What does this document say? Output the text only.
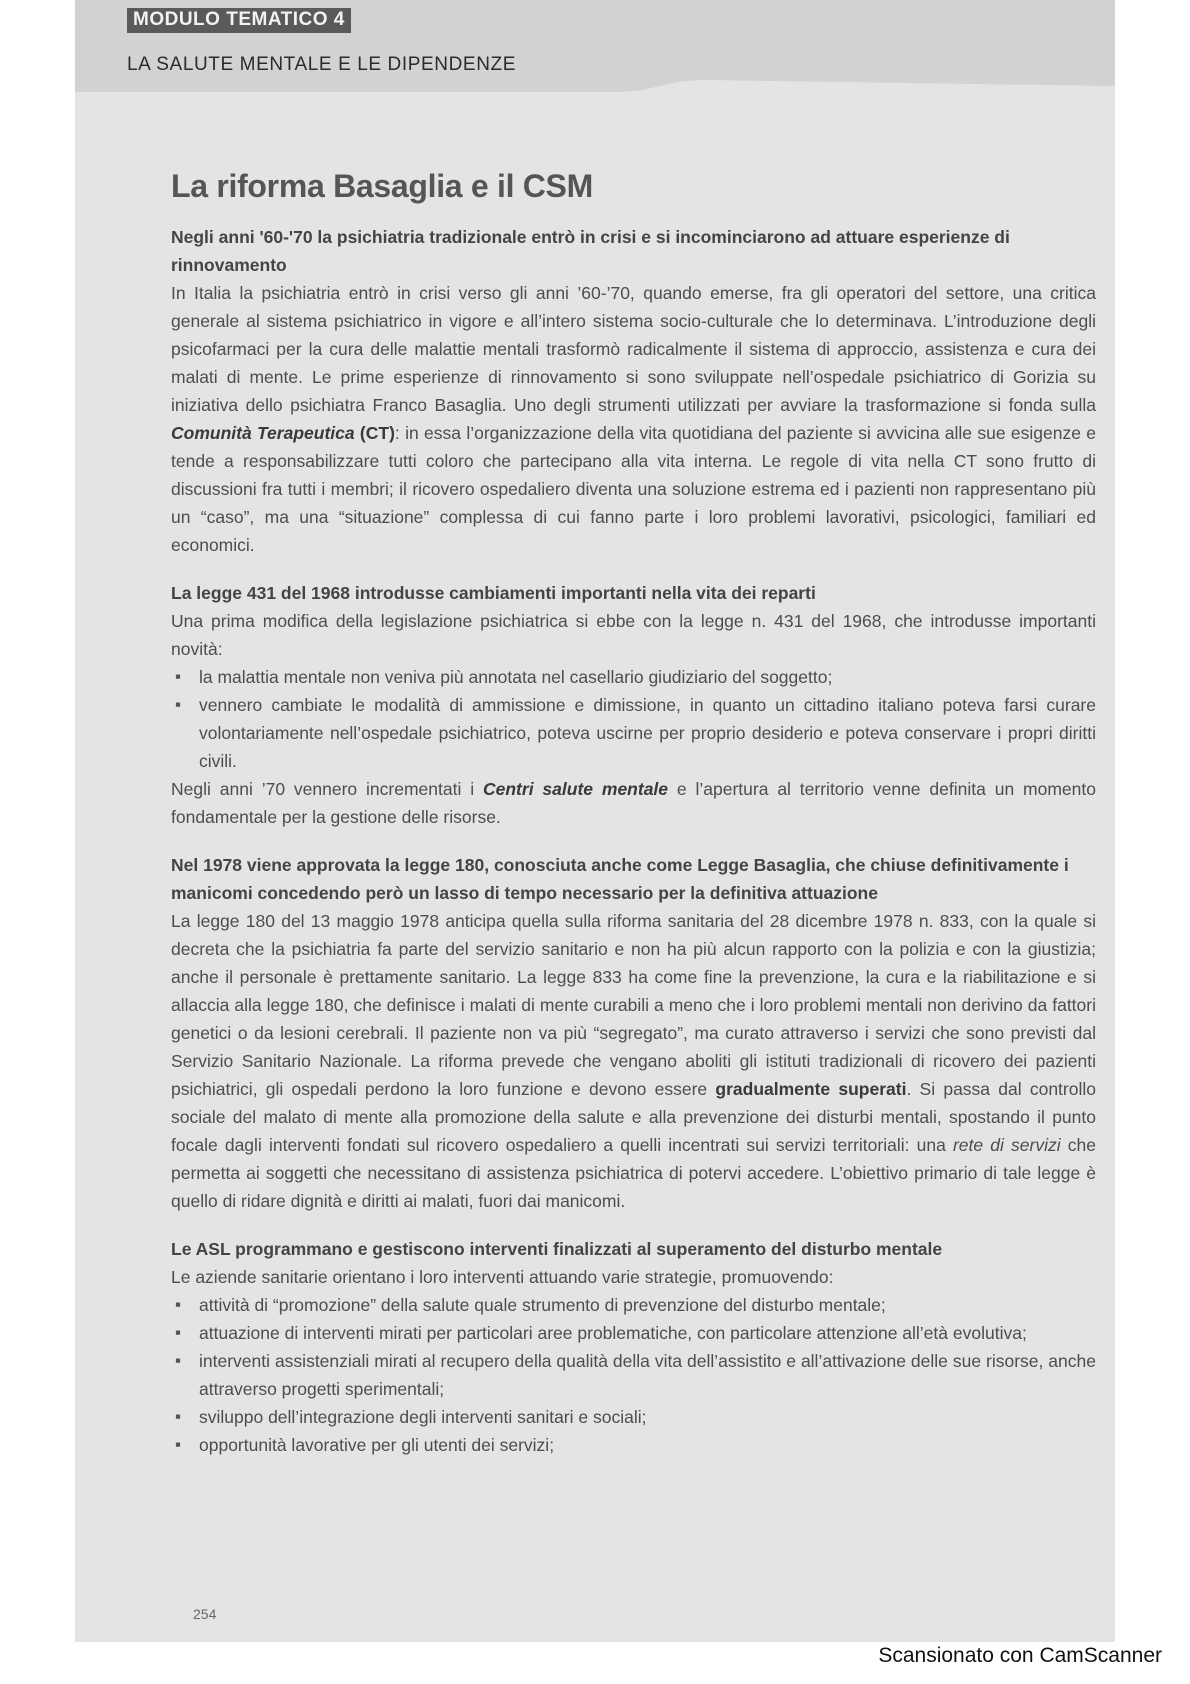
MODULO TEMATICO 4
LA SALUTE MENTALE E LE DIPENDENZE
La riforma Basaglia e il CSM
Negli anni '60-'70 la psichiatria tradizionale entrò in crisi e si incominciarono ad attuare esperienze di rinnovamento

In Italia la psichiatria entrò in crisi verso gli anni ’60-’70, quando emerse, fra gli operatori del settore, una critica generale al sistema psichiatrico in vigore e all’intero sistema socio-culturale che lo determinava. L’introduzione degli psicofarmaci per la cura delle malattie mentali trasformò radicalmente il sistema di approccio, assistenza e cura dei malati di mente. Le prime esperienze di rinnovamento si sono sviluppate nell’ospedale psichiatrico di Gorizia su iniziativa dello psichiatra Franco Basaglia. Uno degli strumenti utilizzati per avviare la trasformazione si fonda sulla Comunità Terapeutica (CT): in essa l’organizzazione della vita quotidiana del paziente si avvicina alle sue esigenze e tende a responsabilizzare tutti coloro che partecipano alla vita interna. Le regole di vita nella CT sono frutto di discussioni fra tutti i membri; il ricovero ospedaliero diventa una soluzione estrema ed i pazienti non rappresentano più un “caso”, ma una “situazione” complessa di cui fanno parte i loro problemi lavorativi, psicologici, familiari ed economici.

La legge 431 del 1968 introdusse cambiamenti importanti nella vita dei reparti

Una prima modifica della legislazione psichiatrica si ebbe con la legge n. 431 del 1968, che introdusse importanti novità:

▪ la malattia mentale non veniva più annotata nel casellario giudiziario del soggetto;
▪ vennero cambiate le modalità di ammissione e dimissione, in quanto un cittadino italiano poteva farsi curare volontariamente nell’ospedale psichiatrico, poteva uscirne per proprio desiderio e poteva conservare i propri diritti civili.

Negli anni ’70 vennero incrementati i Centri salute mentale e l’apertura al territorio venne definita un momento fondamentale per la gestione delle risorse.

Nel 1978 viene approvata la legge 180, conosciuta anche come Legge Basaglia, che chiuse definitivamente i manicomi concedendo però un lasso di tempo necessario per la definitiva attuazione

La legge 180 del 13 maggio 1978 anticipa quella sulla riforma sanitaria del 28 dicembre 1978 n. 833, con la quale si decreta che la psichiatria fa parte del servizio sanitario e non ha più alcun rapporto con la polizia e con la giustizia; anche il personale è prettamente sanitario. La legge 833 ha come fine la prevenzione, la cura e la riabilitazione e si allaccia alla legge 180, che definisce i malati di mente curabili a meno che i loro problemi mentali non derivino da fattori genetici o da lesioni cerebrali. Il paziente non va più “segregato”, ma curato attraverso i servizi che sono previsti dal Servizio Sanitario Nazionale. La riforma prevede che vengano aboliti gli istituti tradizionali di ricovero dei pazienti psichiatrici, gli ospedali perdono la loro funzione e devono essere gradualmente superati. Si passa dal controllo sociale del malato di mente alla promozione della salute e alla prevenzione dei disturbi mentali, spostando il punto focale dagli interventi fondati sul ricovero ospedaliero a quelli incentrati sui servizi territoriali: una rete di servizi che permetta ai soggetti che necessitano di assistenza psichiatrica di potervi accedere. L’obiettivo primario di tale legge è quello di ridare dignità e diritti ai malati, fuori dai manicomi.

Le ASL programmano e gestiscono interventi finalizzati al superamento del disturbo mentale

Le aziende sanitarie orientano i loro interventi attuando varie strategie, promuovendo:

▪ attività di “promozione” della salute quale strumento di prevenzione del disturbo mentale;
▪ attuazione di interventi mirati per particolari aree problematiche, con particolare attenzione all’età evolutiva;
▪ interventi assistenziali mirati al recupero della qualità della vita dell’assistito e all’attivazione delle sue risorse, anche attraverso progetti sperimentali;
▪ sviluppo dell’integrazione degli interventi sanitari e sociali;
▪ opportunità lavorative per gli utenti dei servizi;
254
Scansionato con CamScanner
